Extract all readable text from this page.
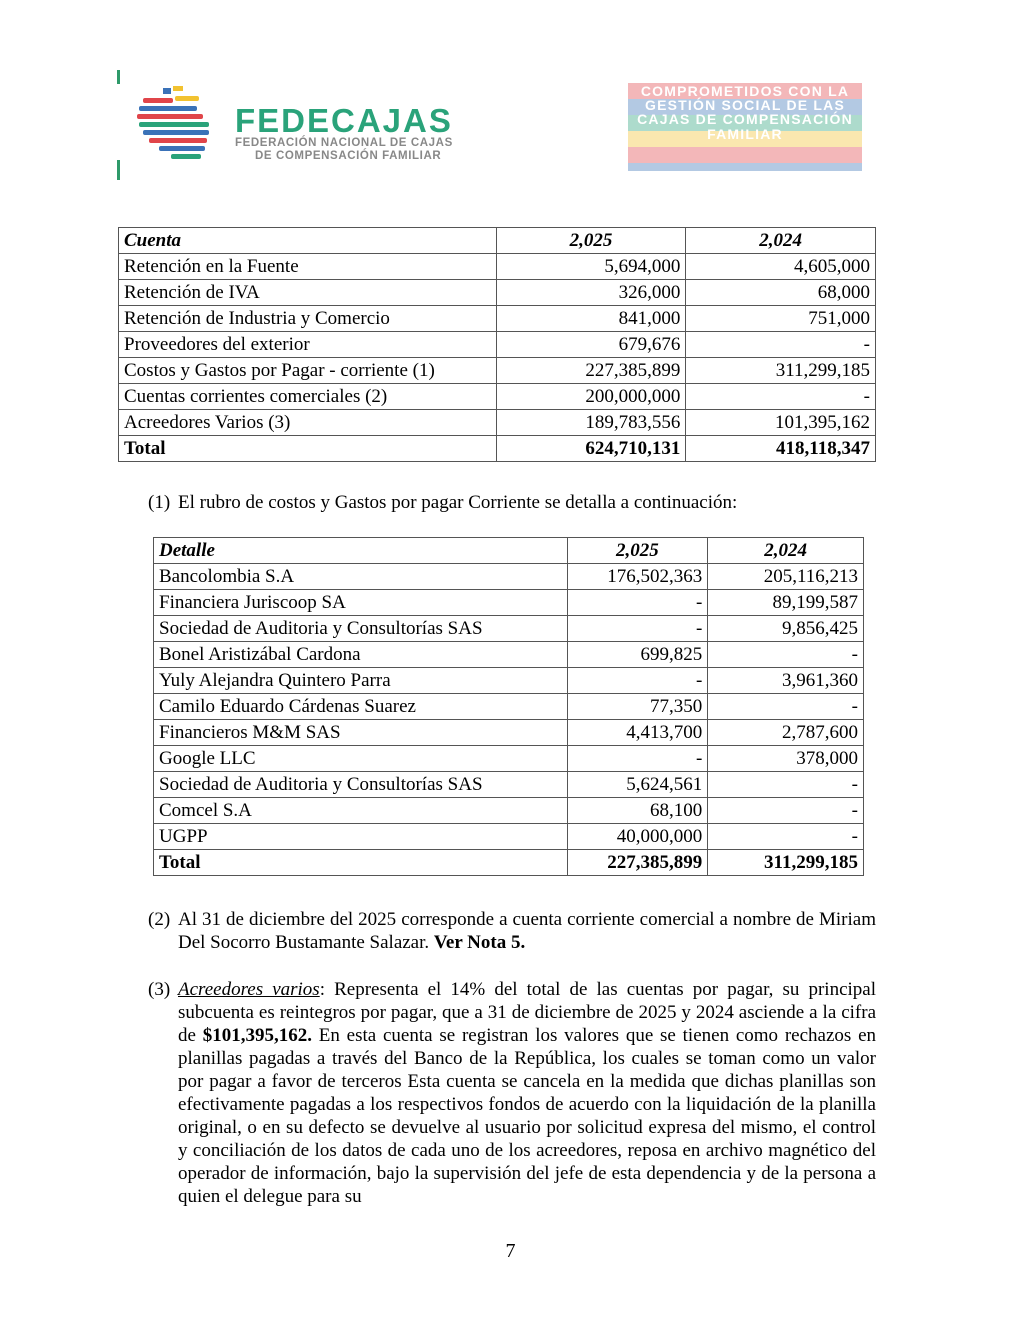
FEDECAJAS
FEDERACIÓN NACIONAL DE CAJAS
DE COMPENSACIÓN FAMILIAR
COMPROMETIDOS CON LA GESTIÓN SOCIAL DE LAS CAJAS DE COMPENSACIÓN FAMILIAR
Cuenta	2,025	2,024
Retención en la Fuente	5,694,000	4,605,000
Retención de IVA	326,000	68,000
Retención de Industria y Comercio	841,000	751,000
Proveedores del exterior	679,676	-
Costos y Gastos por Pagar - corriente (1)	227,385,899	311,299,185
Cuentas corrientes comerciales (2)	200,000,000	-
Acreedores Varios (3)	189,783,556	101,395,162
Total	624,710,131	418,118,347
(1) El rubro de costos y Gastos por pagar Corriente se detalla a continuación:
Detalle	2,025	2,024
Bancolombia S.A	176,502,363	205,116,213
Financiera Juriscoop SA	-	89,199,587
Sociedad de Auditoria y Consultorías SAS	-	9,856,425
Bonel Aristizábal Cardona	699,825	-
Yuly Alejandra Quintero Parra	-	3,961,360
Camilo Eduardo Cárdenas Suarez	77,350	-
Financieros M&M SAS	4,413,700	2,787,600
Google LLC	-	378,000
Sociedad de Auditoria y Consultorías SAS	5,624,561	-
Comcel S.A	68,100	-
UGPP	40,000,000	-
Total	227,385,899	311,299,185
(2) Al 31 de diciembre del 2025 corresponde a cuenta corriente comercial a nombre de Miriam Del Socorro Bustamante Salazar. Ver Nota 5.
(3) Acreedores varios: Representa el 14% del total de las cuentas por pagar, su principal subcuenta es reintegros por pagar, que a 31 de diciembre de 2025 y 2024 asciende a la cifra de $101,395,162. En esta cuenta se registran los valores que se tienen como rechazos en planillas pagadas a través del Banco de la República, los cuales se toman como un valor por pagar a favor de terceros Esta cuenta se cancela en la medida que dichas planillas son efectivamente pagadas a los respectivos fondos de acuerdo con la liquidación de la planilla original, o en su defecto se devuelve al usuario por solicitud expresa del mismo, el control y conciliación de los datos de cada uno de los acreedores, reposa en archivo magnético del operador de información, bajo la supervisión del jefe de esta dependencia y de la persona a quien el delegue para su
7
